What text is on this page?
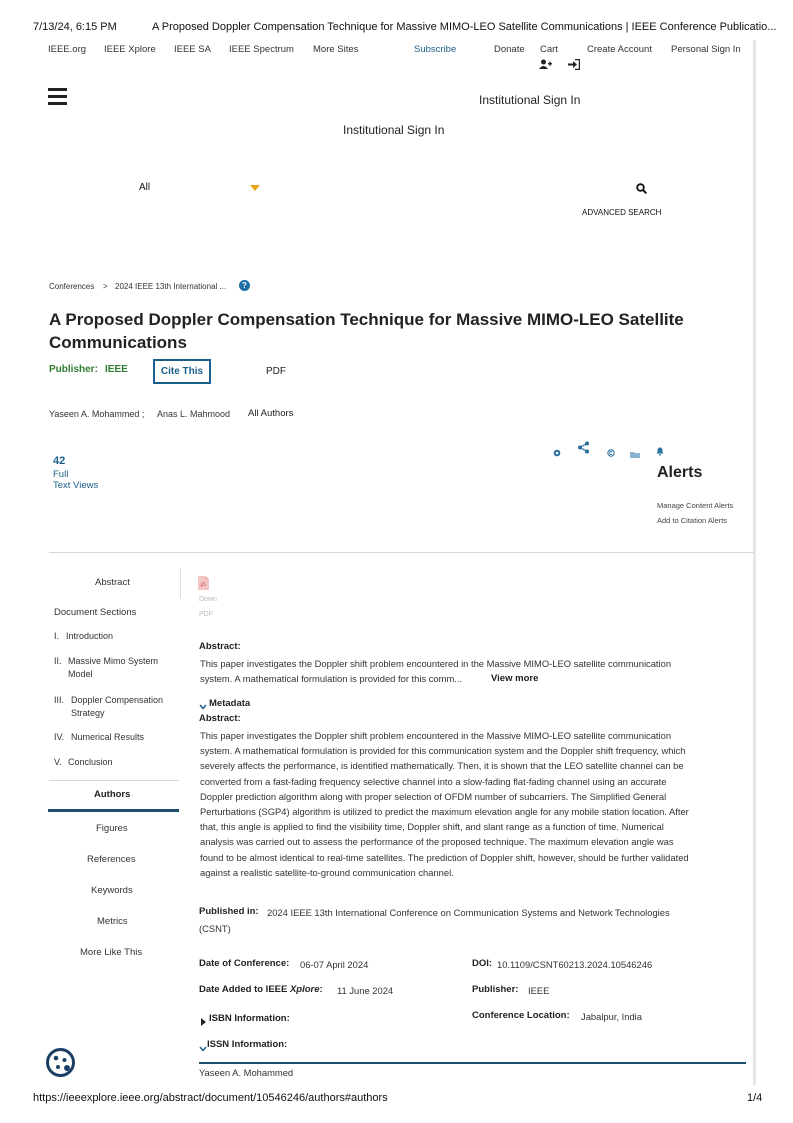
7/13/24, 6:15 PM	A Proposed Doppler Compensation Technique for Massive MIMO-LEO Satellite Communications | IEEE Conference Publicatio...
IEEE.org IEEE Xplore IEEE SA IEEE Spectrum More Sites	Subscribe	Donate Cart	Create Account Personal Sign In
Institutional Sign In
Institutional Sign In
All
ADVANCED SEARCH
Conferences > 2024 IEEE 13th International ...	?
A Proposed Doppler Compensation Technique for Massive MIMO-LEO Satellite
Communications
Publisher: IEEE	Cite This	PDF
Yaseen A. Mohammed ; Anas L. Mahmood All Authors
42
Full
Text Views
Alerts
Manage Content Alerts
Add to Citation Alerts
Abstract
Document Sections
I. Introduction
II. Massive Mimo System
Model
III. Doppler Compensation
Strategy
IV. Numerical Results
V. Conclusion
Authors
Figures
References
Keywords
Metrics
More Like This
Down
PDF
Abstract:
This paper investigates the Doppler shift problem encountered in the Massive MIMO-LEO satellite communication
system. A mathematical formulation is provided for this comm...	View more
Metadata
Abstract:
This paper investigates the Doppler shift problem encountered in the Massive MIMO-LEO satellite communication
system. A mathematical formulation is provided for this communication system and the Doppler shift frequency, which
severely affects the performance, is identified mathematically. Then, it is shown that the LEO satellite channel can be
converted from a fast-fading frequency selective channel into a slow-fading flat-fading channel using an accurate
Doppler prediction algorithm along with proper selection of OFDM number of subcarriers. The Simplified General
Perturbations (SGP4) algorithm is utilized to predict the maximum elevation angle for any mobile station location. After
that, this angle is applied to find the visibility time, Doppler shift, and slant range as a function of time. Numerical
analysis was carried out to assess the performance of the proposed technique. The maximum elevation angle was
found to be almost identical to real-time satellites. The prediction of Doppler shift, however, should be further validated
against a realistic satellite-to-ground communication channel.
Published in: 2024 IEEE 13th International Conference on Communication Systems and Network Technologies
(CSNT)
Date of Conference: 06-07 April 2024	DOI: 10.1109/CSNT60213.2024.10546246
Date Added to IEEE Xplore: 11 June 2024	Publisher: IEEE
ISBN Information:	Conference Location: Jabalpur, India
ISSN Information:
Yaseen A. Mohammed
https://ieeexplore.ieee.org/abstract/document/10546246/authors#authors	1/4
